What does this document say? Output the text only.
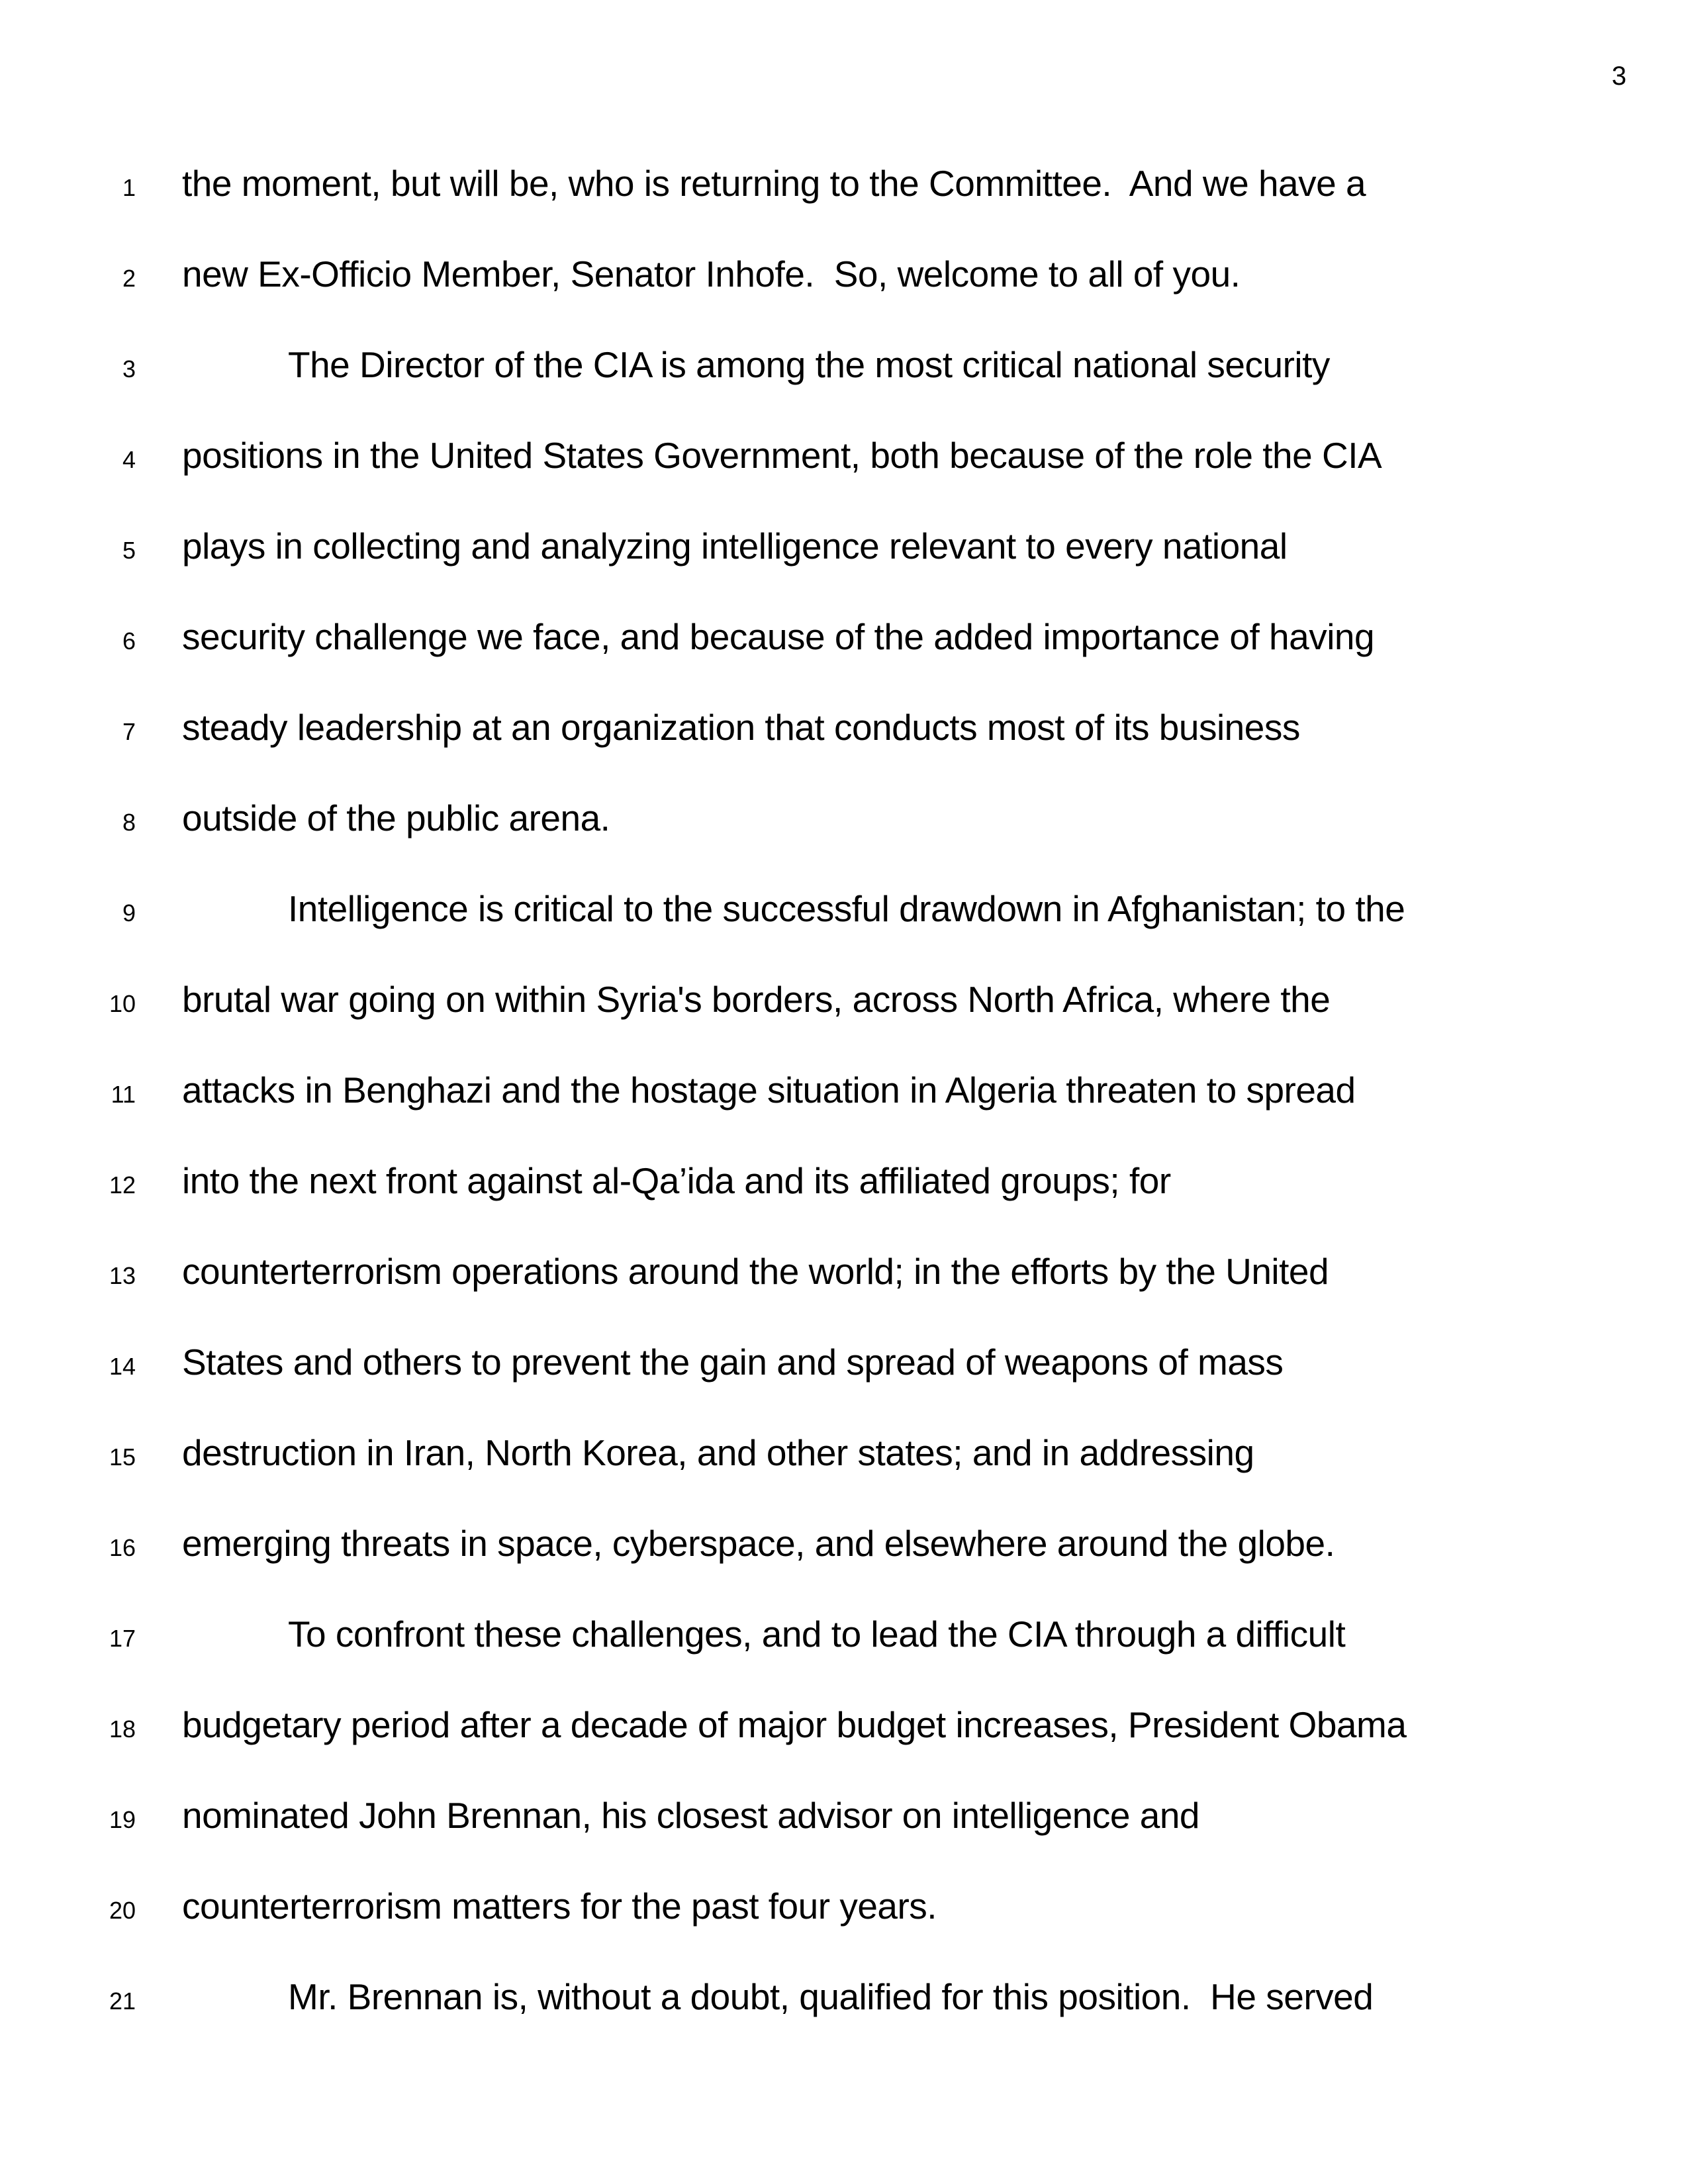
3
1 the moment, but will be, who is returning to the Committee.  And we have a
2 new Ex-Officio Member, Senator Inhofe.  So, welcome to all of you.
3	The Director of the CIA is among the most critical national security
4 positions in the United States Government, both because of the role the CIA
5 plays in collecting and analyzing intelligence relevant to every national
6 security challenge we face, and because of the added importance of having
7 steady leadership at an organization that conducts most of its business
8 outside of the public arena.
9	Intelligence is critical to the successful drawdown in Afghanistan; to the
10 brutal war going on within Syria's borders, across North Africa, where the
11 attacks in Benghazi and the hostage situation in Algeria threaten to spread
12 into the next front against al-Qa’ida and its affiliated groups; for
13 counterterrorism operations around the world; in the efforts by the United
14 States and others to prevent the gain and spread of weapons of mass
15 destruction in Iran, North Korea, and other states; and in addressing
16 emerging threats in space, cyberspace, and elsewhere around the globe.
17	To confront these challenges, and to lead the CIA through a difficult
18 budgetary period after a decade of major budget increases, President Obama
19 nominated John Brennan, his closest advisor on intelligence and
20 counterterrorism matters for the past four years.
21	Mr. Brennan is, without a doubt, qualified for this position.  He served
